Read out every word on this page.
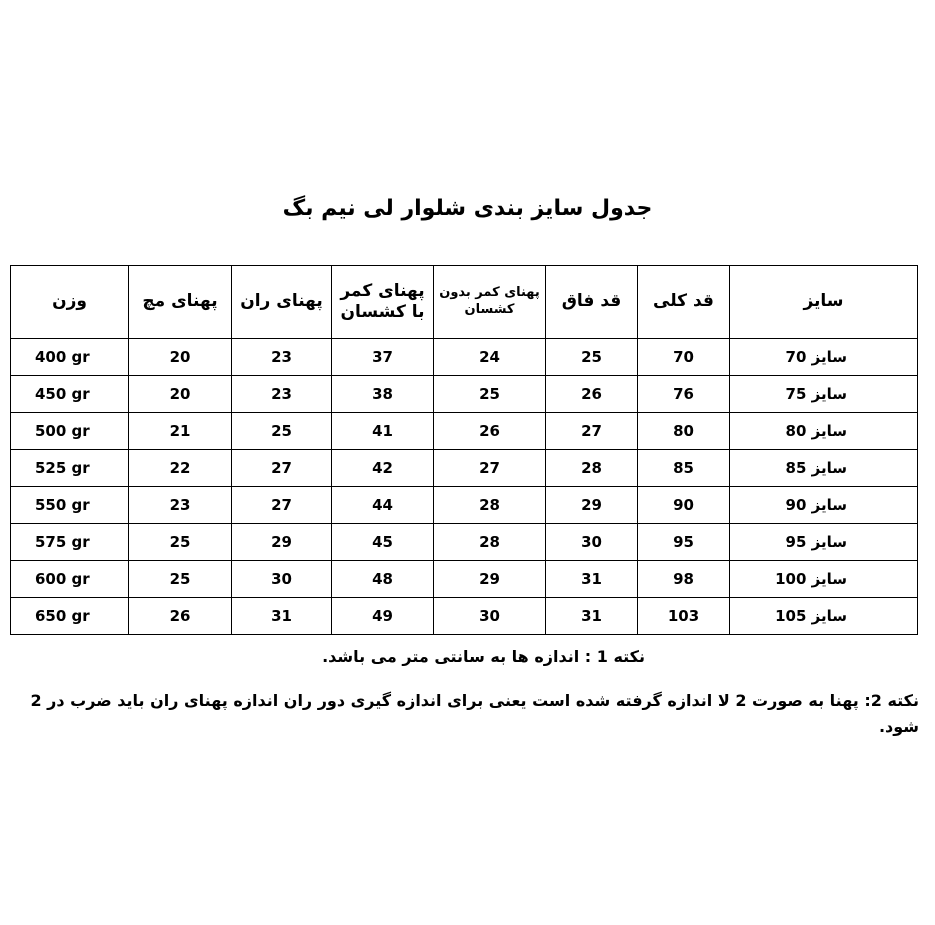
جدول سایز بندی شلوار لی نیم بگ
سایز	قد کلی	قد فاق	پهنای کمر بدون کشسان	پهنای کمر با کشسان	پهنای ران	پهنای مچ	وزن
سایز 70	70	25	24	37	23	20	400 gr
سایز 75	76	26	25	38	23	20	450 gr
سایز 80	80	27	26	41	25	21	500 gr
سایز 85	85	28	27	42	27	22	525 gr
سایز 90	90	29	28	44	27	23	550 gr
سایز 95	95	30	28	45	29	25	575 gr
سایز 100	98	31	29	48	30	25	600 gr
سایز 105	103	31	30	49	31	26	650 gr
نکته 1 : اندازه ها به سانتی متر می باشد.
نکته 2: پهنا به صورت 2 لا اندازه گرفته شده است یعنی برای اندازه گیری دور ران اندازه پهنای ران باید ضرب در 2 شود.
